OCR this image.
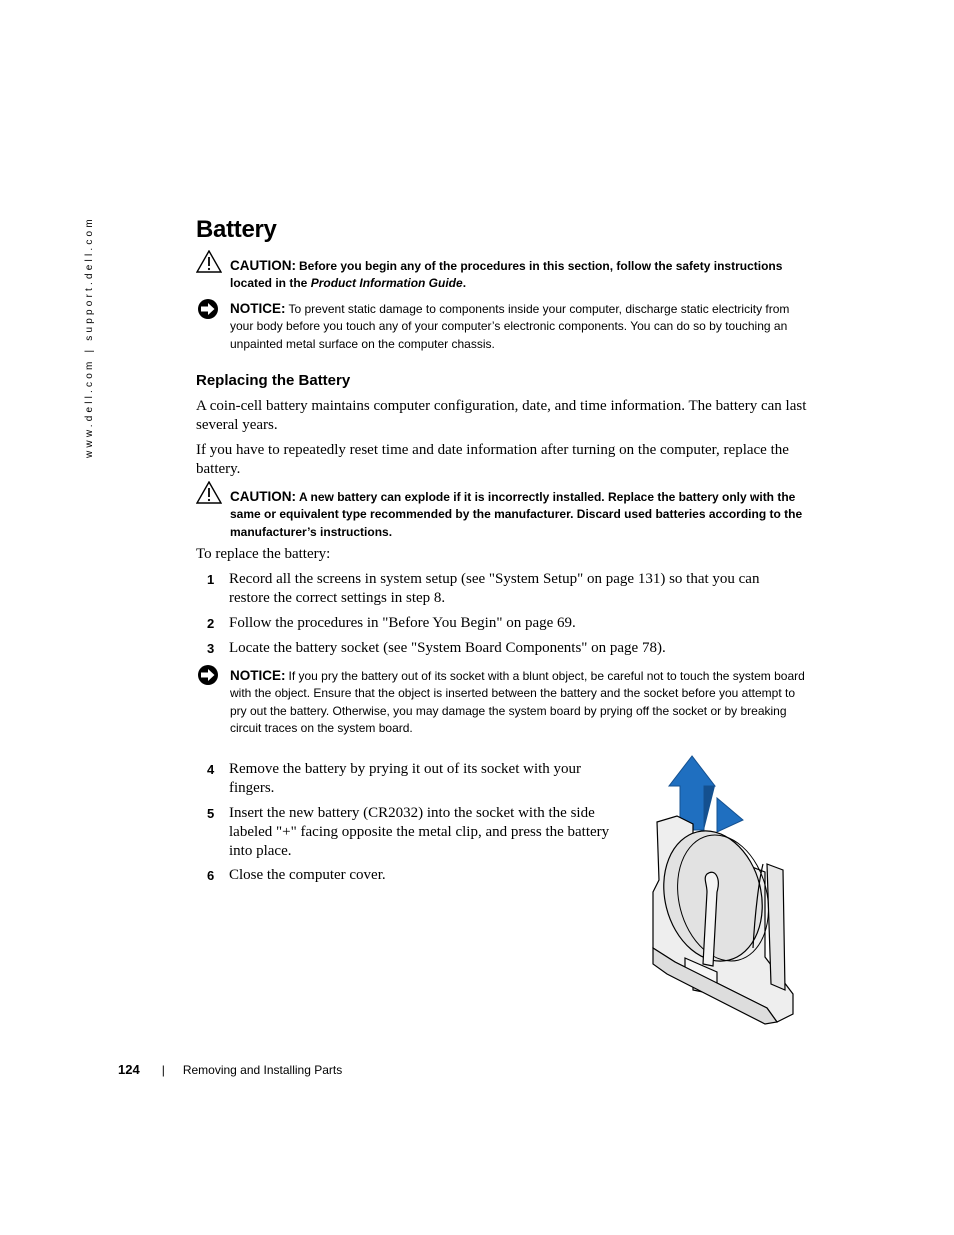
www.dell.com | support.dell.com	Battery
CAUTION: Before you begin any of the procedures in this section, follow the safety instructions located in the Product Information Guide.
NOTICE: To prevent static damage to components inside your computer, discharge static electricity from your body before you touch any of your computer’s electronic components. You can do so by touching an unpainted metal surface on the computer chassis.
Replacing the Battery

A coin-cell battery maintains computer configuration, date, and time information. The battery can last several years.

If you have to repeatedly reset time and date information after turning on the computer, replace the battery.

CAUTION: A new battery can explode if it is incorrectly installed. Replace the battery only with the same or equivalent type recommended by the manufacturer. Discard used batteries according to the manufacturer’s instructions.

To replace the battery:

1 Record all the screens in system setup (see "System Setup" on page 131) so that you can restore the correct settings in step 8.
2 Follow the procedures in "Before You Begin" on page 69.
3 Locate the battery socket (see "System Board Components" on page 78).
NOTICE: If you pry the battery out of its socket with a blunt object, be careful not to touch the system board with the object. Ensure that the object is inserted between the battery and the socket before you attempt to pry out the battery. Otherwise, you may damage the system board by prying off the socket or by breaking circuit traces on the system board.
4 Remove the battery by prying it out of its socket with your fingers.
5 Insert the new battery (CR2032) into the socket with the side labeled "+" facing opposite the metal clip, and press the battery into place.
6 Close the computer cover.
124 | Removing and Installing Parts
